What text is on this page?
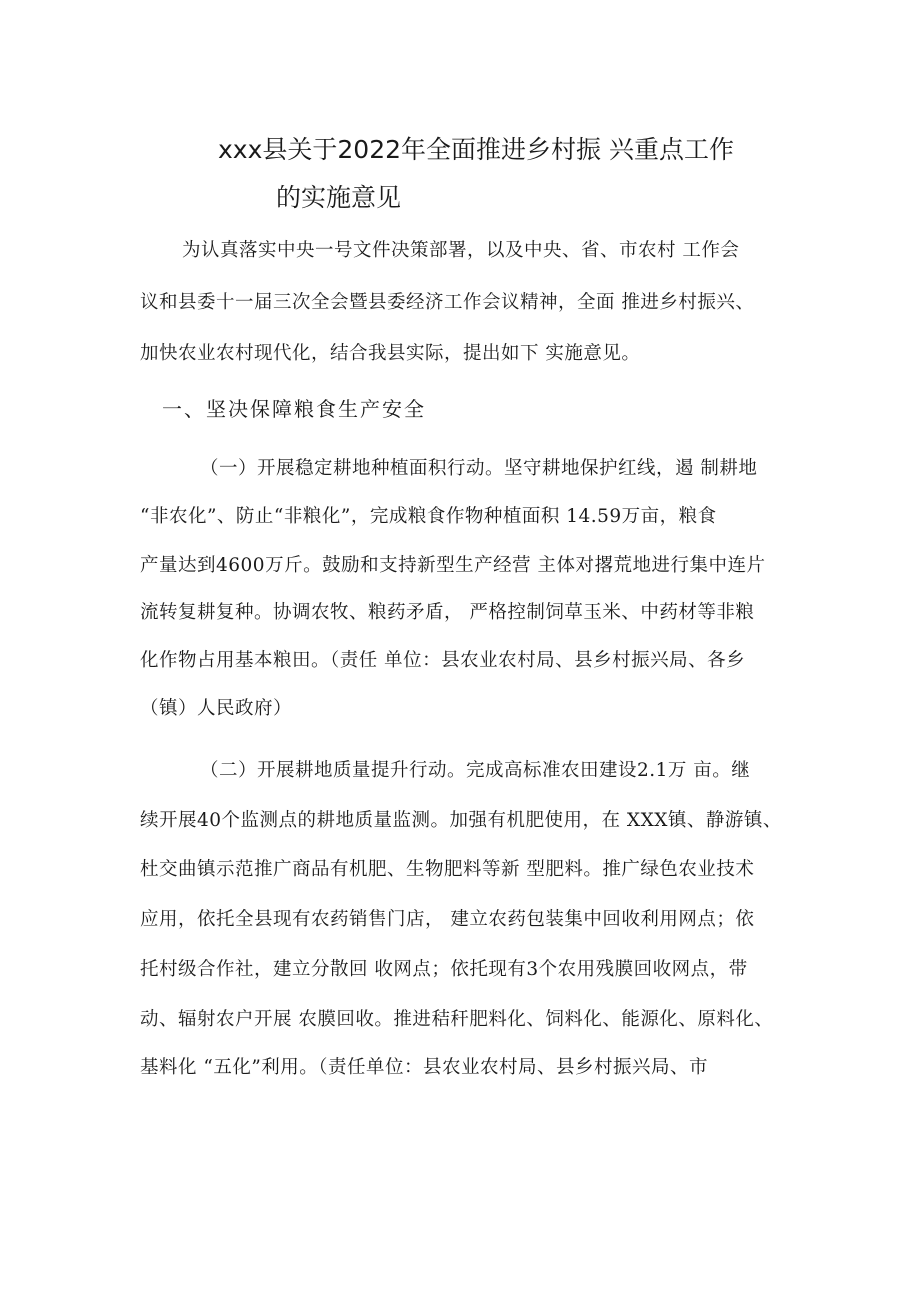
xxx县关于2022年全面推进乡村振 兴重点工作
的实施意见
为认真落实中央一号文件决策部署，以及中央、省、市农村 工作会
议和县委十一届三次全会暨县委经济工作会议精神，全面 推进乡村振兴、
加快农业农村现代化，结合我县实际，提出如下 实施意见。
一、坚决保障粮食生产安全
（一）开展稳定耕地种植面积行动。坚守耕地保护红线，遏 制耕地
“非农化”、防止“非粮化”，完成粮食作物种植面积 14.59万亩，粮食
产量达到4600万斤。鼓励和支持新型生产经营 主体对撂荒地进行集中连片
流转复耕复种。协调农牧、粮药矛盾， 严格控制饲草玉米、中药材等非粮
化作物占用基本粮田。（责任 单位：县农业农村局、县乡村振兴局、各乡
（镇）人民政府）
（二）开展耕地质量提升行动。完成高标准农田建设2.1万 亩。继
续开展40个监测点的耕地质量监测。加强有机肥使用，在 XXX镇、静游镇、
杜交曲镇示范推广商品有机肥、生物肥料等新 型肥料。推广绿色农业技术
应用，依托全县现有农药销售门店， 建立农药包装集中回收利用网点；依
托村级合作社，建立分散回 收网点；依托现有3个农用残膜回收网点，带
动、辐射农户开展 农膜回收。推进秸秆肥料化、饲料化、能源化、原料化、
基料化 “五化”利用。（责任单位：县农业农村局、县乡村振兴局、市
